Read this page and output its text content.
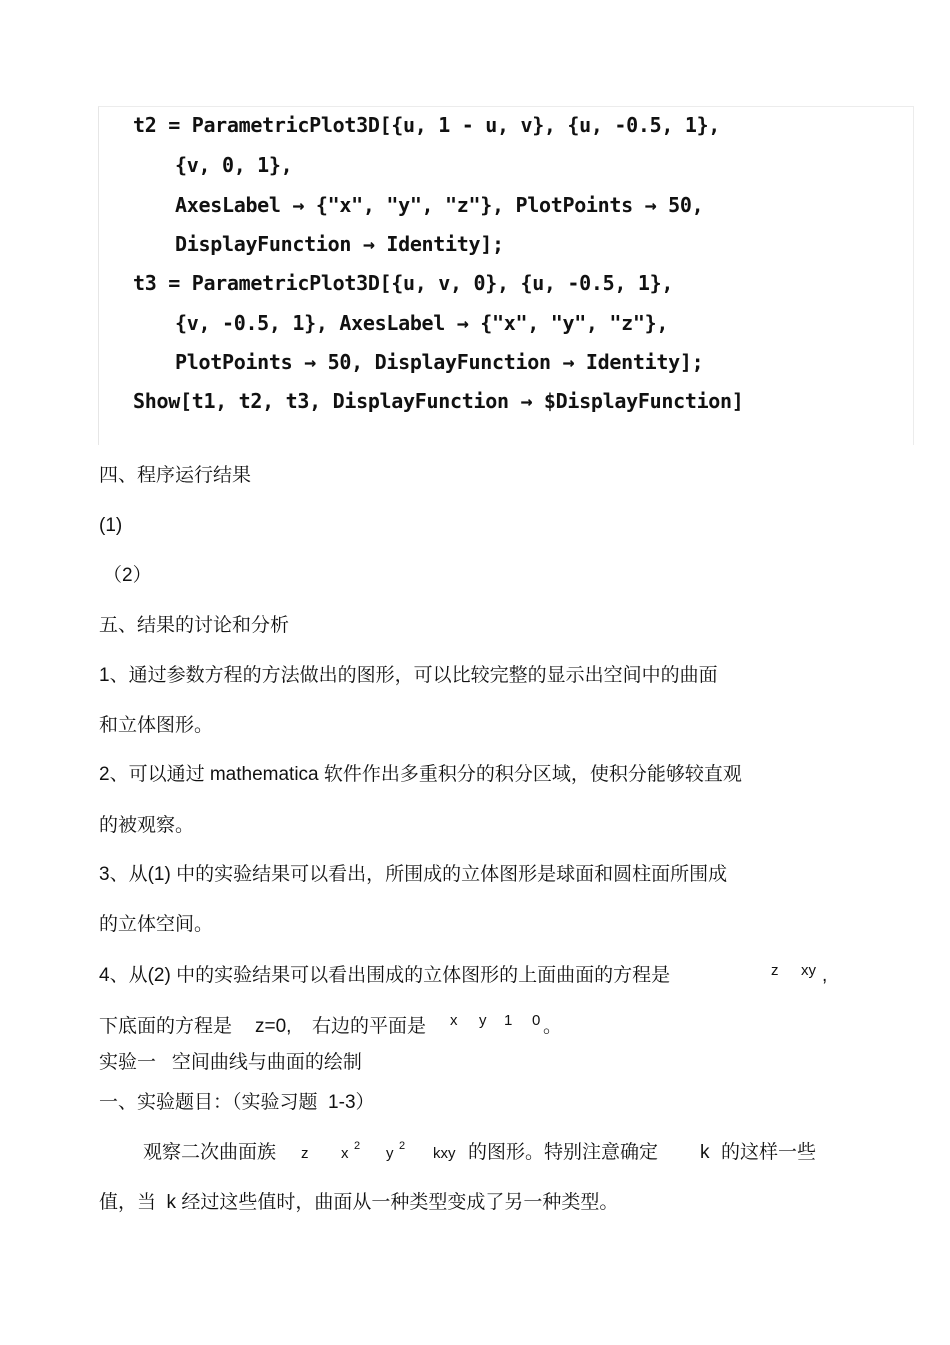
t2 = ParametricPlot3D[{u, 1 - u, v}, {u, -0.5, 1},
{v, 0, 1},
AxesLabel → {"x", "y", "z"}, PlotPoints → 50,
DisplayFunction → Identity];
t3 = ParametricPlot3D[{u, v, 0}, {u, -0.5, 1},
{v, -0.5, 1}, AxesLabel → {"x", "y", "z"},
PlotPoints → 50, DisplayFunction → Identity];
Show[t1, t2, t3, DisplayFunction → $DisplayFunction]
四、程序运行结果
(1)
（2）
五、结果的讨论和分析
1、通过参数方程的方法做出的图形，可以比较完整的显示出空间中的曲面
和立体图形。
2、可以通过 mathematica 软件作出多重积分的积分区域，使积分能够较直观
的被观察。
3、从(1) 中的实验结果可以看出，所围成的立体图形是球面和圆柱面所围成
的立体空间。
4、从(2) 中的实验结果可以看出围成的立体图形的上面曲面的方程是	z xy ,
下底面的方程是 z=0, 右边的平面是 x y 1 0 。
实验一   空间曲线与曲面的绘制
一、实验题目：（实验习题  1-3）
观察二次曲面族 z x 2 y 2 kxy 的图形。特别注意确定 k 的这样一些
值，当  k 经过这些值时，曲面从一种类型变成了另一种类型。
